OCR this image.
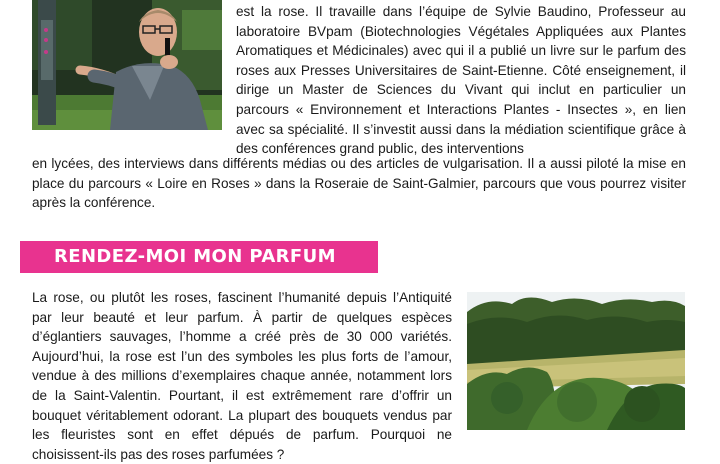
est la rose. Il travaille dans l’équipe de Sylvie Baudino, Professeur au laboratoire BVpam (Biotechnologies Végétales Appliquées aux Plantes Aromatiques et Médicinales) avec qui il a publié un livre sur le parfum des roses aux Presses Universitaires de Saint-Etienne. Côté enseignement, il dirige un Master de Sciences du Vivant qui inclut en particulier un parcours « Environnement et Interactions Plantes - Insectes », en lien avec sa spécialité. Il s’investit aussi dans la médiation scientifique grâce à des conférences grand public, des interventions

en lycées, des interviews dans différents médias ou des articles de vulgarisation. Il a aussi piloté la mise en place du parcours « Loire en Roses » dans la Roseraie de Saint-Galmier, parcours que vous pourrez visiter après la conférence.

RENDEZ-MOI MON PARFUM

La rose, ou plutôt les roses, fascinent l’humanité depuis l’Antiquité par leur beauté et leur parfum. À partir de quelques espèces d’églantiers sauvages, l’homme a créé près de 30 000 variétés. Aujourd’hui, la rose est l’un des symboles les plus forts de l’amour, vendue à des millions d’exemplaires chaque année, notamment lors de la Saint-Valentin. Pourtant, il est extrêmement rare d’offrir un bouquet véritablement odorant. La plupart des bouquets vendus par les fleuristes sont en effet dépués de parfum. Pourquoi ne choisissent-ils pas des roses parfumées ?
